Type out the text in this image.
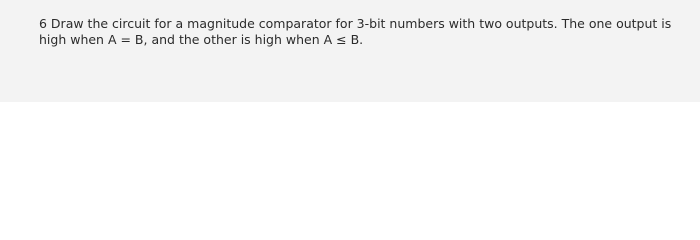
6 Draw the circuit for a magnitude comparator for 3-bit numbers with two outputs. The one output is
high when A = B, and the other is high when A ≤ B.
